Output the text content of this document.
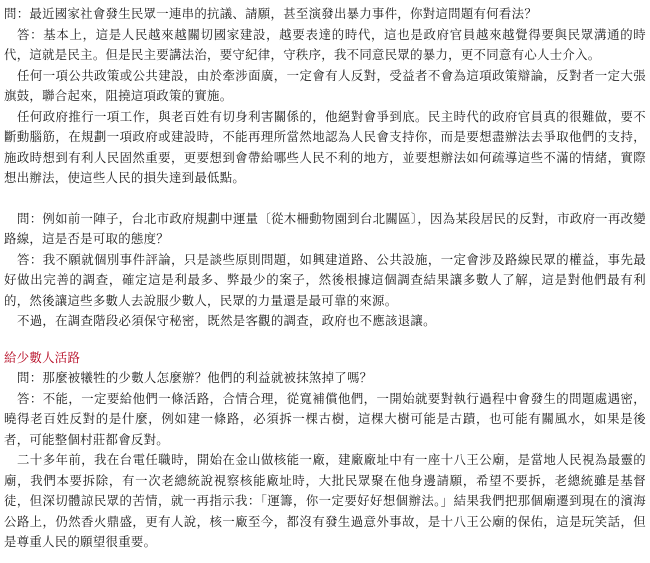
問：最近國家社會發生民眾一連串的抗議、請願，甚至演發出暴力事件，你對這問題有何看法？

答：基本上，這是人民越來越關切國家建設，越要表達的時代，這也是政府官員越來越覺得要與民眾溝通的時代，這就是民主。但是民主要講法治，要守紀律，守秩序，我不同意民眾的暴力，更不同意有心人士介入。

任何一項公共政策或公共建設，由於牽涉面廣，一定會有人反對，受益者不會為這項政策辯論，反對者一定大張旗鼓，聯合起來，阻撓這項政策的實施。

任何政府推行一項工作，與老百姓有切身利害關係的，他絕對會爭到底。民主時代的政府官員真的很難做，要不斷動腦筋，在規劃一項政府或建設時，不能再理所當然地認為人民會支持你，而是要想盡辦法去爭取他們的支持，施政時想到有利人民固然重要，更要想到會帶給哪些人民不利的地方，並要想辦法如何疏導這些不滿的情緒，實際想出辦法，使這些人民的損失達到最低點。

問：例如前一陣子，台北市政府規劃中運量〔從木柵動物園到台北關區〕，因為某段居民的反對，市政府一再改變路線，這是否是可取的態度？

答：我不願就個別事件評論，只是談些原則問題，如興建道路、公共設施，一定會涉及路線民眾的權益，事先最好做出完善的調查，確定這是利最多、弊最少的案子，然後根據這個調查結果讓多數人了解，這是對他們最有利的，然後讓這些多數人去說服少數人，民眾的力量還是最可靠的來源。

不過，在調查階段必須保守秘密，既然是客觀的調查，政府也不應該退讓。

給少數人活路

問：那麼被犧牲的少數人怎麼辦？他們的利益就被抹煞掉了嗎？

答：不能，一定要給他們一條活路，合情合理，從寬補償他們，一開始就要對執行過程中會發生的問題處遇密，曉得老百姓反對的是什麼，例如建一條路，必須拆一棵古樹，這棵大樹可能是古蹟，也可能有關風水，如果是後者，可能整個村莊都會反對。

二十多年前，我在台電任職時，開始在金山做核能一廠，建廠廠址中有一座十八王公廟，是當地人民視為最靈的廟，我們本要拆除，有一次老總統說視察核能廠址時，大批民眾聚在他身邊請願，希望不要拆，老總統雖是基督徒，但深切體諒民眾的苦情，就一再指示我：「運籌，你一定要好好想個辦法。」結果我們把那個廟遷到現在的濱海公路上，仍然香火鼎盛，更有人說，核一廠至今，都沒有發生過意外事故，是十八王公廟的保佑，這是玩笑話，但是尊重人民的願望很重要。
